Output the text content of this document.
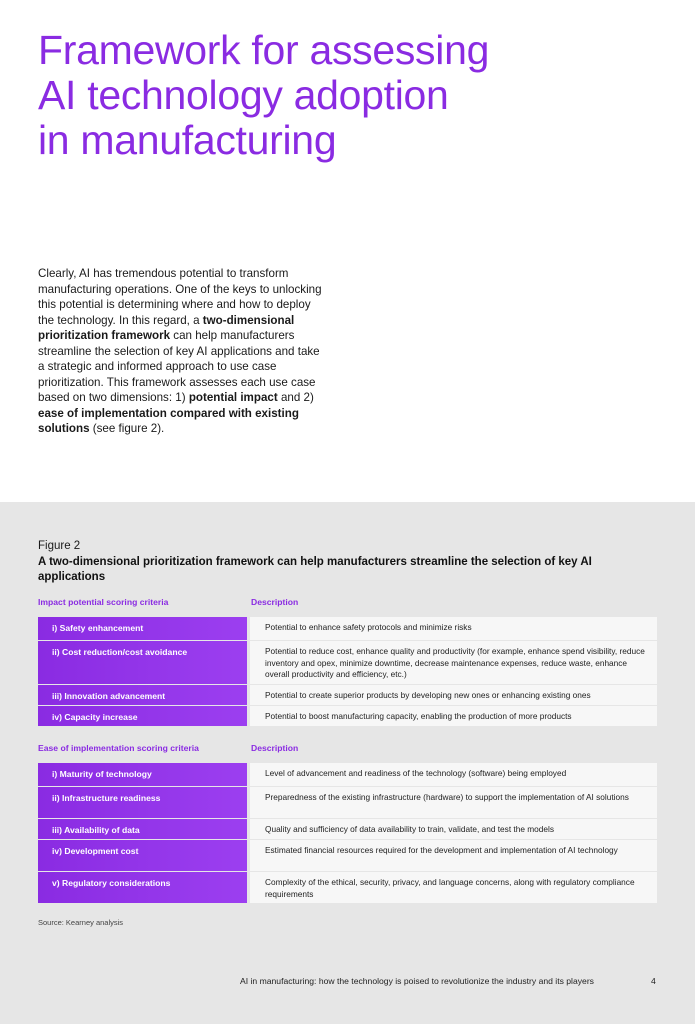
Framework for assessing
AI technology adoption
in manufacturing

Clearly, AI has tremendous potential to transform manufacturing operations. One of the keys to unlocking this potential is determining where and how to deploy the technology. In this regard, a two-dimensional prioritization framework can help manufacturers streamline the selection of key AI applications and take a strategic and informed approach to use case prioritization. This framework assesses each use case based on two dimensions: 1) potential impact and 2) ease of implementation compared with existing solutions (see figure 2).

Figure 2

A two-dimensional prioritization framework can help manufacturers streamline the selection of key AI applications

Impact potential scoring criteria	Description
i) Safety enhancement	Potential to enhance safety protocols and minimize risks
ii) Cost reduction/cost avoidance	Potential to reduce cost, enhance quality and productivity (for example, enhance spend visibility, reduce inventory and opex, minimize downtime, decrease maintenance expenses, reduce waste, enhance overall productivity and efficiency, etc.)
iii) Innovation advancement	Potential to create superior products by developing new ones or enhancing existing ones
iv) Capacity increase	Potential to boost manufacturing capacity, enabling the production of more products
Ease of implementation scoring criteria	Description
i) Maturity of technology	Level of advancement and readiness of the technology (software) being employed
ii) Infrastructure readiness	Preparedness of the existing infrastructure (hardware) to support the implementation of AI solutions
iii) Availability of data	Quality and sufficiency of data availability to train, validate, and test the models
iv) Development cost	Estimated financial resources required for the development and implementation of AI technology
v) Regulatory considerations	Complexity of the ethical, security, privacy, and language concerns, along with regulatory compliance requirements
Source: Kearney analysis
AI in manufacturing: how the technology is poised to revolutionize the industry and its players	4
